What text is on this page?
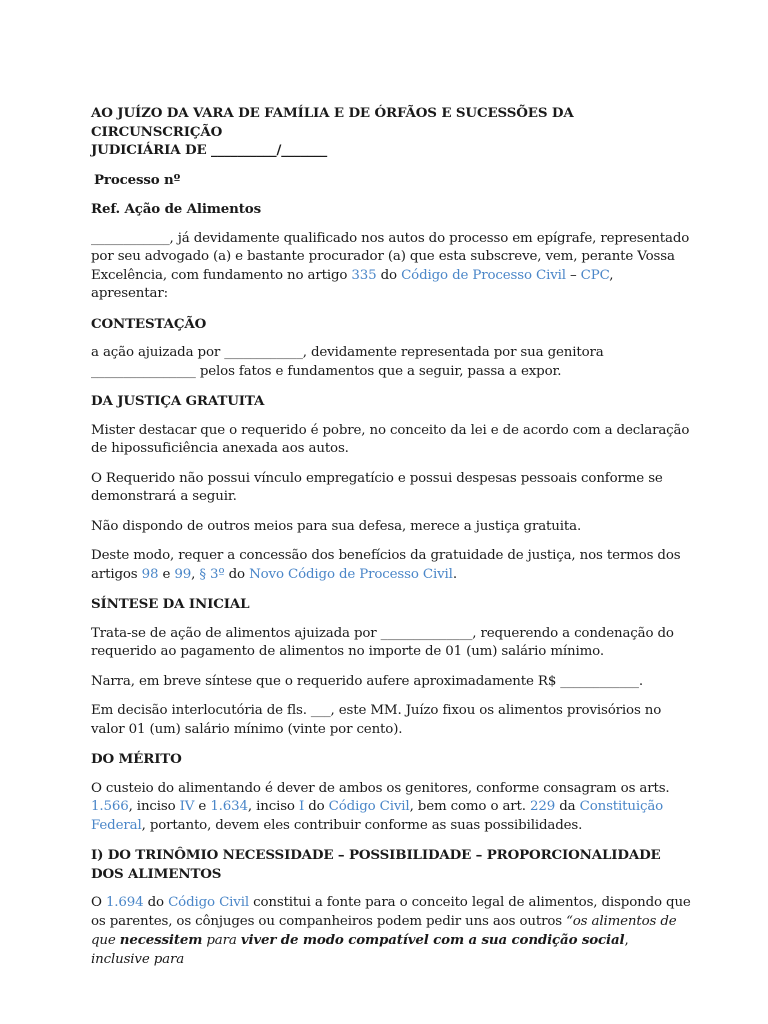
AO JUÍZO DA VARA DE FAMÍLIA E DE ÓRFÃOS E SUCESSÕES DA CIRCUNSCRIÇÃO
JUDICIÁRIA DE __________/_______
Processo nº
Ref. Ação de Alimentos

____________, já devidamente qualificado nos autos do processo em epígrafe, representado por seu advogado (a) e bastante procurador (a) que esta subscreve, vem, perante Vossa Excelência, com fundamento no artigo 335 do Código de Processo Civil – CPC, apresentar:

CONTESTAÇÃO

a ação ajuizada por ____________, devidamente representada por sua genitora ________________ pelos fatos e fundamentos que a seguir, passa a expor.

DA JUSTIÇA GRATUITA

Mister destacar que o requerido é pobre, no conceito da lei e de acordo com a declaração de hipossuficiência anexada aos autos.

O Requerido não possui vínculo empregatício e possui despesas pessoais conforme se demonstrará a seguir.

Não dispondo de outros meios para sua defesa, merece a justiça gratuita.

Deste modo, requer a concessão dos benefícios da gratuidade de justiça, nos termos dos artigos 98 e 99, § 3º do Novo Código de Processo Civil.

SÍNTESE DA INICIAL

Trata-se de ação de alimentos ajuizada por ______________, requerendo a condenação do requerido ao pagamento de alimentos no importe de 01 (um) salário mínimo.

Narra, em breve síntese que o requerido aufere aproximadamente R$ ____________.

Em decisão interlocutória de fls. ___, este MM. Juízo fixou os alimentos provisórios no valor 01 (um) salário mínimo (vinte por cento).

DO MÉRITO

O custeio do alimentando é dever de ambos os genitores, conforme consagram os arts. 1.566, inciso IV e 1.634, inciso I do Código Civil, bem como o art. 229 da Constituição Federal, portanto, devem eles contribuir conforme as suas possibilidades.

I) DO TRINÔMIO NECESSIDADE – POSSIBILIDADE – PROPORCIONALIDADE DOS ALIMENTOS

O 1.694 do Código Civil constitui a fonte para o conceito legal de alimentos, dispondo que os parentes, os cônjuges ou companheiros podem pedir uns aos outros “os alimentos de que necessitem para viver de modo compatível com a sua condição social, inclusive para
